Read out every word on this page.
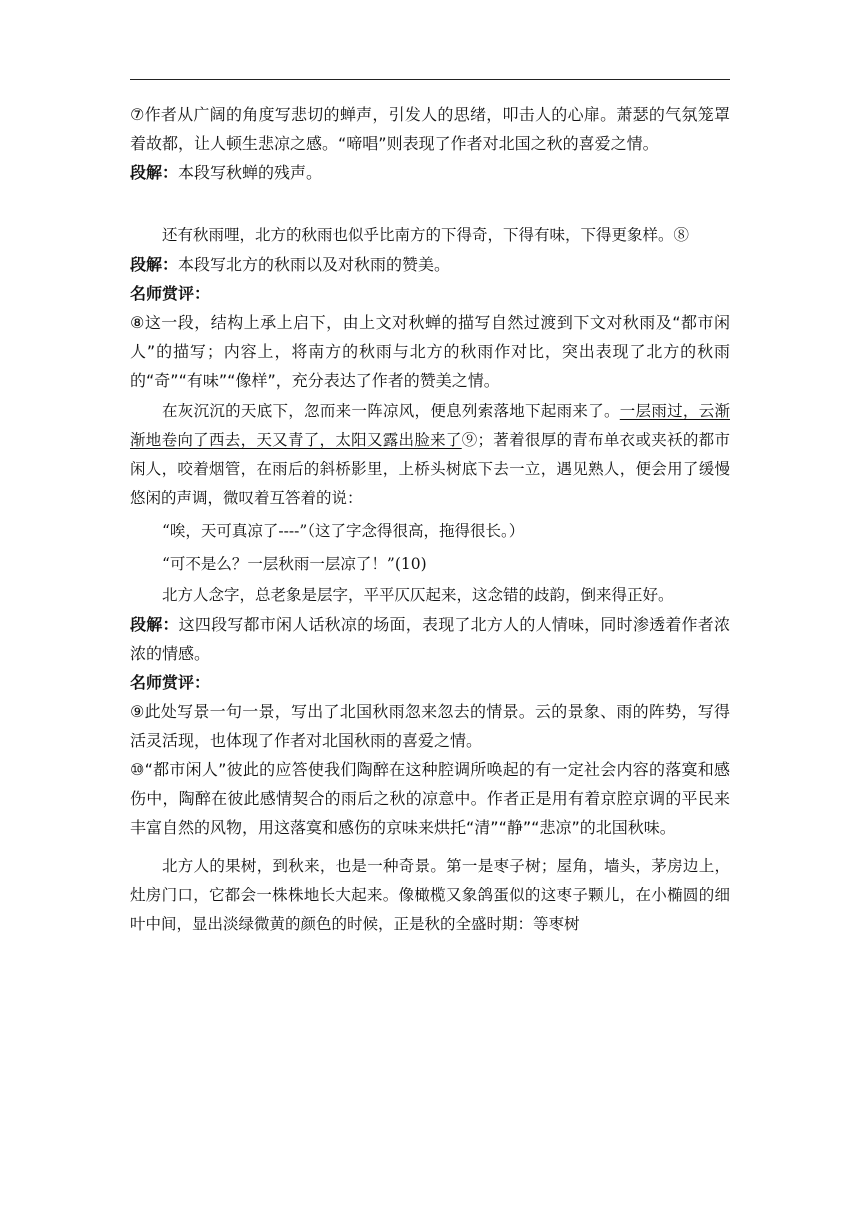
⑦作者从广阔的角度写悲切的蝉声，引发人的思绪，叩击人的心扉。萧瑟的气氛笼罩着故都，让人顿生悲凉之感。“啼唱”则表现了作者对北国之秋的喜爱之情。

段解：本段写秋蝉的残声。

还有秋雨哩，北方的秋雨也似乎比南方的下得奇，下得有味，下得更象样。⑧

段解：本段写北方的秋雨以及对秋雨的赞美。

名师赏评：

⑧这一段，结构上承上启下，由上文对秋蝉的描写自然过渡到下文对秋雨及“都市闲人”的描写；内容上，将南方的秋雨与北方的秋雨作对比，突出表现了北方的秋雨的“奇”“有味”“像样”，充分表达了作者的赞美之情。

在灰沉沉的天底下，忽而来一阵凉风，便息列索落地下起雨来了。一层雨过，云渐渐地卷向了西去，天又青了，太阳又露出脸来了⑨；著着很厚的青布单衣或夹袄的都市闲人，咬着烟管，在雨后的斜桥影里，上桥头树底下去一立，遇见熟人，便会用了缓慢悠闲的声调，微叹着互答着的说：

“唉，天可真凉了----”（这了字念得很高，拖得很长。）

“可不是么？一层秋雨一层凉了！”(10)

北方人念字，总老象是层字，平平仄仄起来，这念错的歧韵，倒来得正好。

段解：这四段写都市闲人话秋凉的场面，表现了北方人的人情味，同时渗透着作者浓浓的情感。

名师赏评：

⑨此处写景一句一景，写出了北国秋雨忽来忽去的情景。云的景象、雨的阵势，写得活灵活现，也体现了作者对北国秋雨的喜爱之情。

⑩“都市闲人”彼此的应答使我们陶醉在这种腔调所唤起的有一定社会内容的落寞和感伤中，陶醉在彼此感情契合的雨后之秋的凉意中。作者正是用有着京腔京调的平民来丰富自然的风物，用这落寞和感伤的京味来烘托“清”“静”“悲凉”的北国秋味。

北方人的果树，到秋来，也是一种奇景。第一是枣子树；屋角，墙头，茅房边上，灶房门口，它都会一株株地长大起来。像橄榄又象鸽蛋似的这枣子颗儿，在小椭圆的细叶中间，显出淡绿微黄的颜色的时候，正是秋的全盛时期：等枣树
